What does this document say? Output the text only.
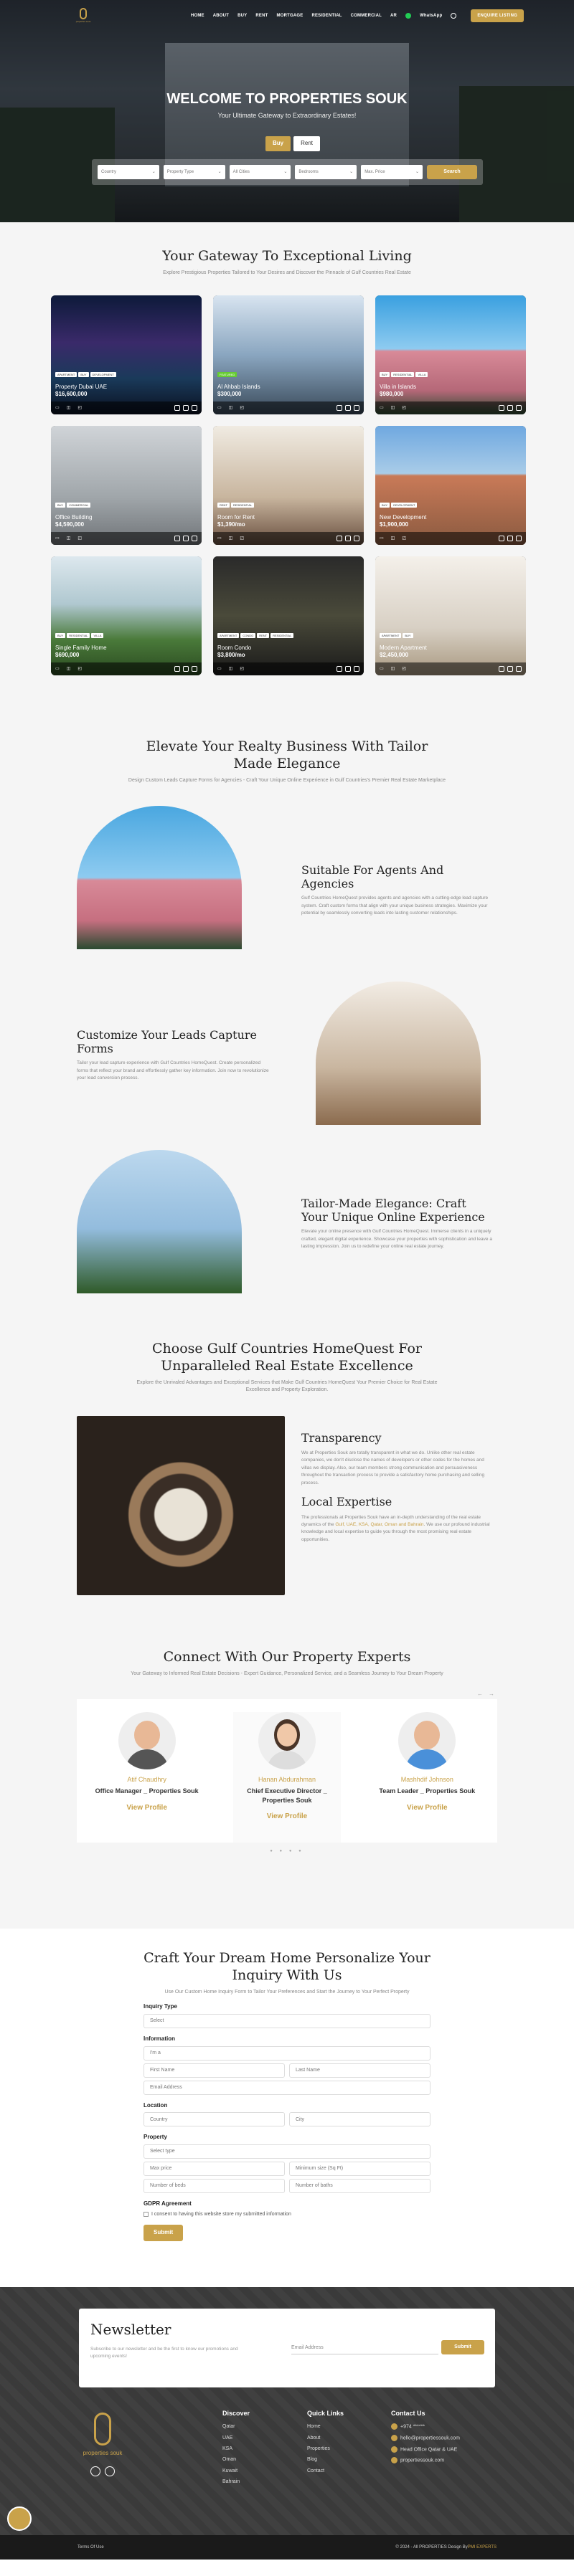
properties souk
HOME ABOUT BUY RENT MORTGAGE RESIDENTIAL COMMERCIAL AR	WhatsApp	ENQUIRE LISTING
WELCOME TO PROPERTIES SOUK
Your Ultimate Gateway to Extraordinary Estates!
Buy	Rent
Country	⌄	Property Type	⌄	All Cities	⌄	Bedrooms	⌄	Max. Price	⌄	Search
Your Gateway To Exceptional Living
Explore Prestigious Properties Tailored to Your Desires and Discover the Pinnacle of Gulf Countries Real Estate
Property Dubai UAE
$16,600,000
▭ ◫ ◰
APARTMENT	BUY	DEVELOPMENT
Al Ahbab Islands
$300,000
▭ ◫ ◰
FEATURED
Villa in Islands
$980,000
▭ ◫ ◰
BUY	RESIDENTIAL	VILLA
Office Building
$4,590,000
▭ ◫ ◰
BUY	COMMERCIAL
Room for Rent
$1,390/mo
▭ ◫ ◰
RENT	RESIDENTIAL
New Development
$1,900,000
▭ ◫ ◰
BUY	DEVELOPMENT
Single Family Home
$690,000
▭ ◫ ◰
BUY	RESIDENTIAL	VILLA
Room Condo
$3,800/mo
▭ ◫ ◰
APARTMENT	CONDO	RENT	RESIDENTIAL
Modern Apartment
$2,450,000
▭ ◫ ◰
APARTMENT	BUY
Elevate Your Realty Business With Tailor Made Elegance
Design Custom Leads Capture Forms for Agencies - Craft Your Unique Online Experience in Gulf Countries's Premier Real Estate Marketplace
Suitable For Agents And Agencies

Gulf Countries HomeQuest provides agents and agencies with a cutting-edge lead capture system. Craft custom forms that align with your unique business strategies. Maximize your potential by seamlessly converting leads into lasting customer relationships.

Customize Your Leads Capture Forms

Tailor your lead capture experience with Gulf Countries HomeQuest. Create personalized forms that reflect your brand and effortlessly gather key information. Join now to revolutionize your lead conversion process.

Tailor-Made Elegance: Craft Your Unique Online Experience

Elevate your online presence with Gulf Countries HomeQuest. Immerse clients in a uniquely crafted, elegant digital experience. Showcase your properties with sophistication and leave a lasting impression. Join us to redefine your online real estate journey.

Choose Gulf Countries HomeQuest For Unparalleled Real Estate Excellence
Explore the Unrivaled Advantages and Exceptional Services that Make Gulf Countries HomeQuest Your Premier Choice for Real Estate Excellence and Property Exploration.
Transparency

We at Properties Souk are totally transparent in what we do. Unlike other real estate companies, we don't disclose the names of developers or other codes for the homes and villas we display. Also, our team members strong communication and persuasiveness throughout the transaction process to provide a satisfactory home purchasing and selling process.

Local Expertise

The professionals at Properties Souk have an in-depth understanding of the real estate dynamics of the Gulf, UAE, KSA, Qatar, Oman and Bahrain. We use our profound industrial knowledge and local expertise to guide you through the most promising real estate opportunities.

Connect With Our Property Experts
Your Gateway to Informed Real Estate Decisions - Expert Guidance, Personalized Service, and a Seamless Journey to Your Dream Property
← →
Atif Chaudhry
Office Manager _ Properties Souk
View Profile
Hanan Abdurahman
Chief Executive Director _ Properties Souk
View Profile
Mashhdif Johnson
Team Leader _ Properties Souk
View Profile
● ● ● ●
Craft Your Dream Home Personalize Your Inquiry With Us
Use Our Custom Home Inquiry Form to Tailor Your Preferences and Start the Journey to Your Perfect Property
Inquiry Type
Select
Information
I'm a
First Name	Last Name
Email Address
Location
Country	City
Property
Select type
Max price	Minimum size (Sq Ft)
Number of beds	Number of baths
GDPR Agreement
I consent to having this website store my submitted information
Submit
Newsletter
Subscribe to our newsletter and be the first to know our promotions and upcoming events!
Email Address	Submit
properties souk
Discover
Qatar
UAE
KSA
Oman
Kuwait
Bahrain
Quick Links
Home
About
Properties
Blog
Contact
Contact Us
+974 ******
hello@propertiessouk.com
Head Office Qatar & UAE
propertiessouk.com
Terms Of Use	© 2024 - All PROPERTIES Design By PMI EXPERTS
